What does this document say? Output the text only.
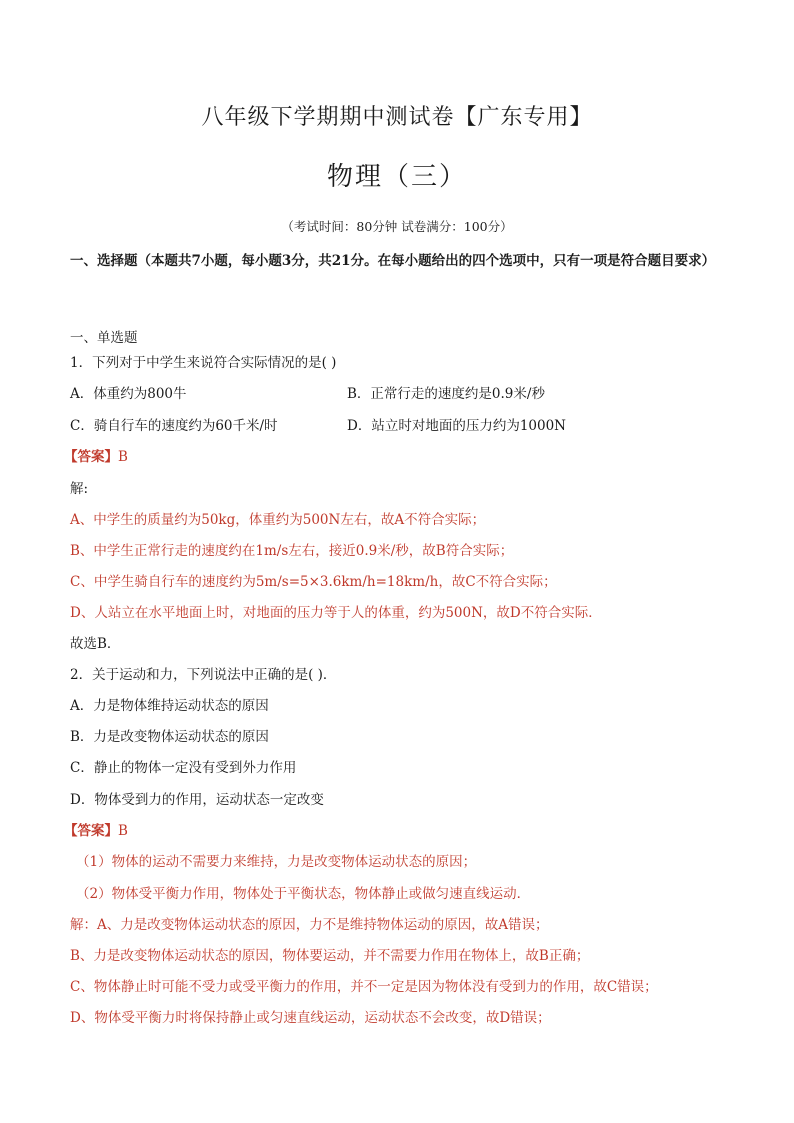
八年级下学期期中测试卷【广东专用】
物理（三）
（考试时间：80分钟 试卷满分：100分）
一、选择题（本题共7小题，每小题3分，共21分。在每小题给出的四个选项中，只有一项是符合题目要求）
一、单选题
1．下列对于中学生来说符合实际情况的是( )
A．体重约为800牛	B．正常行走的速度约是0.9米/秒
C．骑自行车的速度约为60千米/时	D．站立时对地面的压力约为1000N
【答案】B
解:
A、中学生的质量约为50kg，体重约为500N左右，故A不符合实际；
B、中学生正常行走的速度约在1m/s左右，接近0.9米/秒，故B符合实际；
C、中学生骑自行车的速度约为5m/s=5×3.6km/h=18km/h，故C不符合实际；
D、人站立在水平地面上时，对地面的压力等于人的体重，约为500N，故D不符合实际．
故选B．
2．关于运动和力，下列说法中正确的是( )．
A．力是物体维持运动状态的原因
B．力是改变物体运动状态的原因
C．静止的物体一定没有受到外力作用
D．物体受到力的作用，运动状态一定改变
【答案】B
（1）物体的运动不需要力来维持，力是改变物体运动状态的原因；
（2）物体受平衡力作用，物体处于平衡状态，物体静止或做匀速直线运动．
解：A、力是改变物体运动状态的原因，力不是维持物体运动的原因，故A错误；
B、力是改变物体运动状态的原因，物体要运动，并不需要力作用在物体上，故B正确；
C、物体静止时可能不受力或受平衡力的作用，并不一定是因为物体没有受到力的作用，故C错误；
D、物体受平衡力时将保持静止或匀速直线运动，运动状态不会改变，故D错误；
